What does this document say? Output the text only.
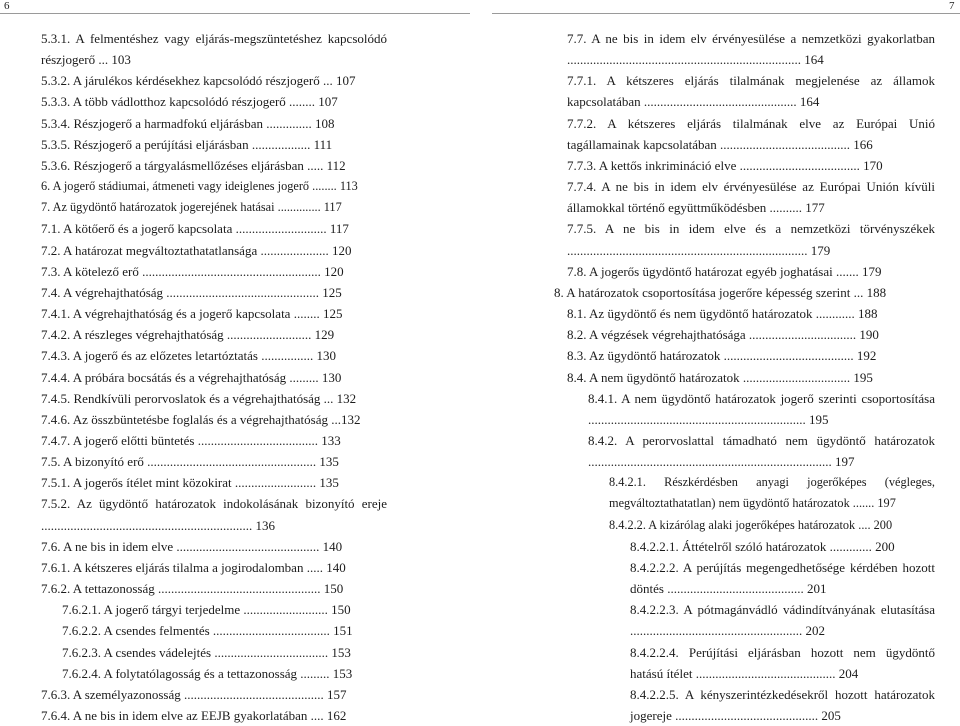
6	7
5.3.1. A felmentéshez vagy eljárás-megszüntetéshez kapcsolódó részjogerő ... 103
5.3.2. A járulékos kérdésekhez kapcsolódó részjogerő ... 107
5.3.3. A több vádlotthoz kapcsolódó részjogerő ........ 107
5.3.4. Részjogerő a harmadfokú eljárásban .............. 108
5.3.5. Részjogerő a perújítási eljárásban .................. 111
5.3.6. Részjogerő a tárgyalásmellőzéses eljárásban ..... 112
6. A jogerő stádiumai, átmeneti vagy ideiglenes jogerő ........ 113
7. Az ügydöntő határozatok jogerejének hatásai .............. 117
7.1. A kötőerő és a jogerő kapcsolata ............................ 117
7.2. A határozat megváltoztathatatlansága ..................... 120
7.3. A kötelező erő ....................................................... 120
7.4. A végrehajthatóság ............................................... 125
7.4.1. A végrehajthatóság és a jogerő kapcsolata ........ 125
7.4.2. A részleges végrehajthatóság .......................... 129
7.4.3. A jogerő és az előzetes letartóztatás ................ 130
7.4.4. A próbára bocsátás és a végrehajthatóság ......... 130
7.4.5. Rendkívüli perorvoslatok és a végrehajthatóság ... 132
7.4.6. Az összbüntetésbe foglalás és a végrehajthatóság ...132
7.4.7. A jogerő előtti büntetés ..................................... 133
7.5. A bizonyító erő .................................................... 135
7.5.1. A jogerős ítélet mint közokirat ......................... 135
7.5.2. Az ügydöntő határozatok indokolásának bizonyító ereje ................................................................. 136
7.6. A ne bis in idem elve ............................................ 140
7.6.1. A kétszeres eljárás tilalma a jogirodalomban ..... 140
7.6.2. A tettazonosság .................................................. 150
7.6.2.1. A jogerő tárgyi terjedelme .......................... 150
7.6.2.2. A csendes felmentés .................................... 151
7.6.2.3. A csendes vádelejtés ................................... 153
7.6.2.4. A folytatólagosság és a tettazonosság ......... 153
7.6.3. A személyazonosság ........................................... 157
7.6.4. A ne bis in idem elve az EEJB gyakorlatában .... 162
7.7. A ne bis in idem elv érvényesülése a nemzetközi gyakorlatban ........................................................................ 164
7.7.1. A kétszeres eljárás tilalmának megjelenése az államok kapcsolatában ............................................... 164
7.7.2. A kétszeres eljárás tilalmának elve az Európai Unió tagállamainak kapcsolatában ........................................ 166
7.7.3. A kettős inkrimináció elve ..................................... 170
7.7.4. A ne bis in idem elv érvényesülése az Európai Unión kívüli államokkal történő együttműködésben .......... 177
7.7.5. A ne bis in idem elve és a nemzetközi törvényszékek .......................................................................... 179
7.8. A jogerős ügydöntő határozat egyéb joghatásai ....... 179
8. A határozatok csoportosítása jogerőre képesség szerint ... 188
8.1. Az ügydöntő és nem ügydöntő határozatok ............ 188
8.2. A végzések végrehajthatósága ................................. 190
8.3. Az ügydöntő határozatok ........................................ 192
8.4. A nem ügydöntő határozatok ................................. 195
8.4.1. A nem ügydöntő határozatok jogerő szerinti csoportosítása ................................................................... 195
8.4.2. A perorvoslattal támadható nem ügydöntő határozatok ........................................................................... 197
8.4.2.1. Részkérdésben anyagi jogerőképes (végleges, megváltoztathatatlan) nem ügydöntő határozatok ....... 197
8.4.2.2. A kizárólag alaki jogerőképes határozatok .... 200
8.4.2.2.1. Áttételről szóló határozatok ............. 200
8.4.2.2.2. A perújítás megengedhetősége kérdében hozott döntés .......................................... 201
8.4.2.2.3. A pótmagánvádló vádindítványának elutasítása ..................................................... 202
8.4.2.2.4. Perújítási eljárásban hozott nem ügydöntő hatású ítélet ........................................... 204
8.4.2.2.5. A kényszerintézkedésekről hozott határozatok jogereje ............................................ 205
